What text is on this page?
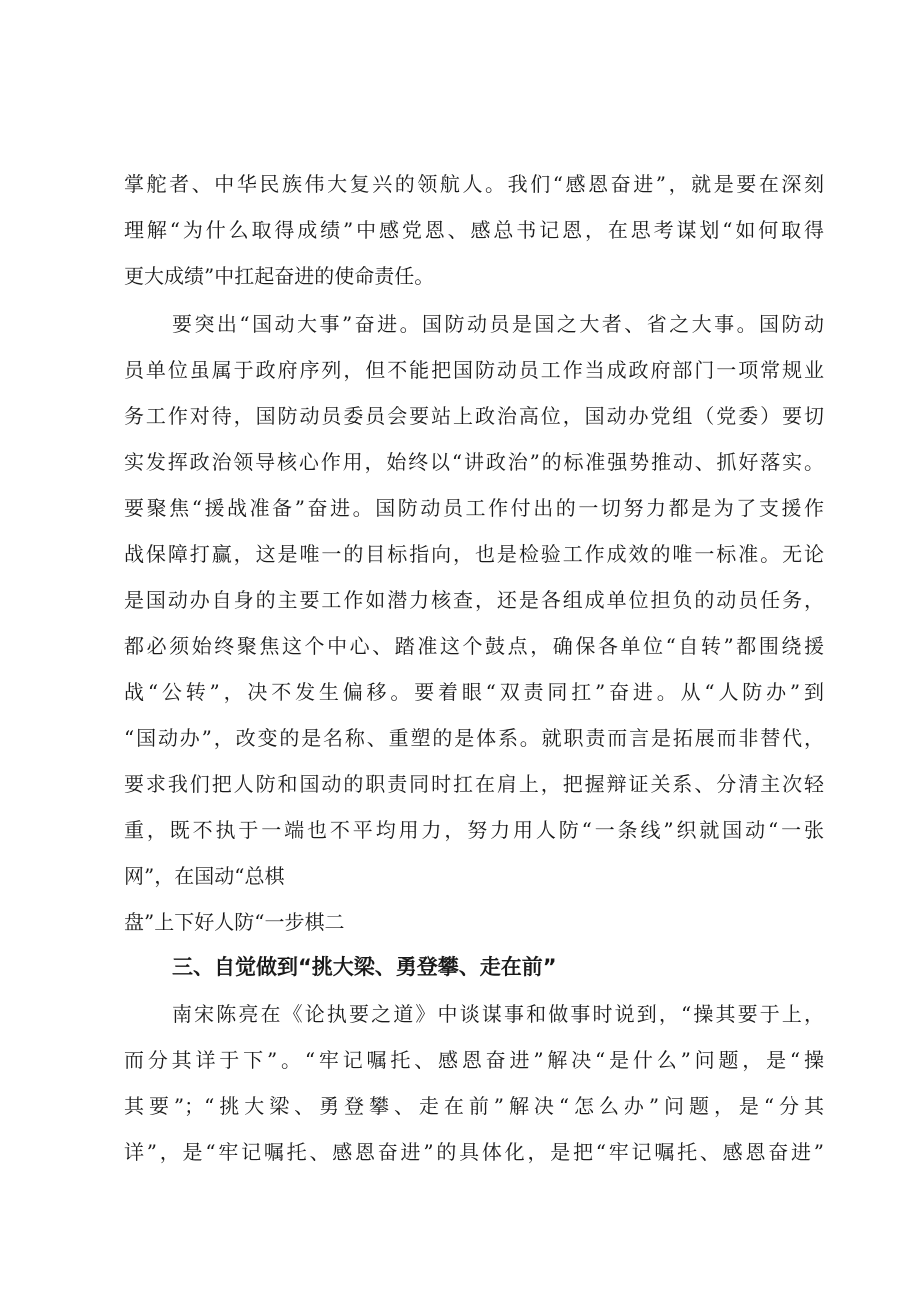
掌舵者、中华民族伟大复兴的领航人。我们“感恩奋进”，就是要在深刻
理解“为什么取得成绩”中感党恩、感总书记恩，在思考谋划“如何取得
更大成绩”中扛起奋进的使命责任。
要突出“国动大事”奋进。国防动员是国之大者、省之大事。国防动
员单位虽属于政府序列，但不能把国防动员工作当成政府部门一项常规业
务工作对待，国防动员委员会要站上政治高位，国动办党组（党委）要切
实发挥政治领导核心作用，始终以“讲政治”的标准强势推动、抓好落实。
要聚焦“援战准备”奋进。国防动员工作付出的一切努力都是为了支援作
战保障打赢，这是唯一的目标指向，也是检验工作成效的唯一标准。无论
是国动办自身的主要工作如潜力核查，还是各组成单位担负的动员任务，
都必须始终聚焦这个中心、踏准这个鼓点，确保各单位“自转”都围绕援
战“公转”，决不发生偏移。要着眼“双责同扛”奋进。从“人防办”到
“国动办”，改变的是名称、重塑的是体系。就职责而言是拓展而非替代，
要求我们把人防和国动的职责同时扛在肩上，把握辩证关系、分清主次轻
重，既不执于一端也不平均用力，努力用人防“一条线”织就国动“一张
网”，在国动“总棋
盘”上下好人防“一步棋二
三、自觉做到“挑大梁、勇登攀、走在前”
南宋陈亮在《论执要之道》中谈谋事和做事时说到，“操其要于上，
而分其详于下”。“牢记嘱托、感恩奋进”解决“是什么”问题，是“操
其要”；“挑大梁、勇登攀、走在前”解决“怎么办”问题，是“分其
详”，是“牢记嘱托、感恩奋进”的具体化，是把“牢记嘱托、感恩奋进”
